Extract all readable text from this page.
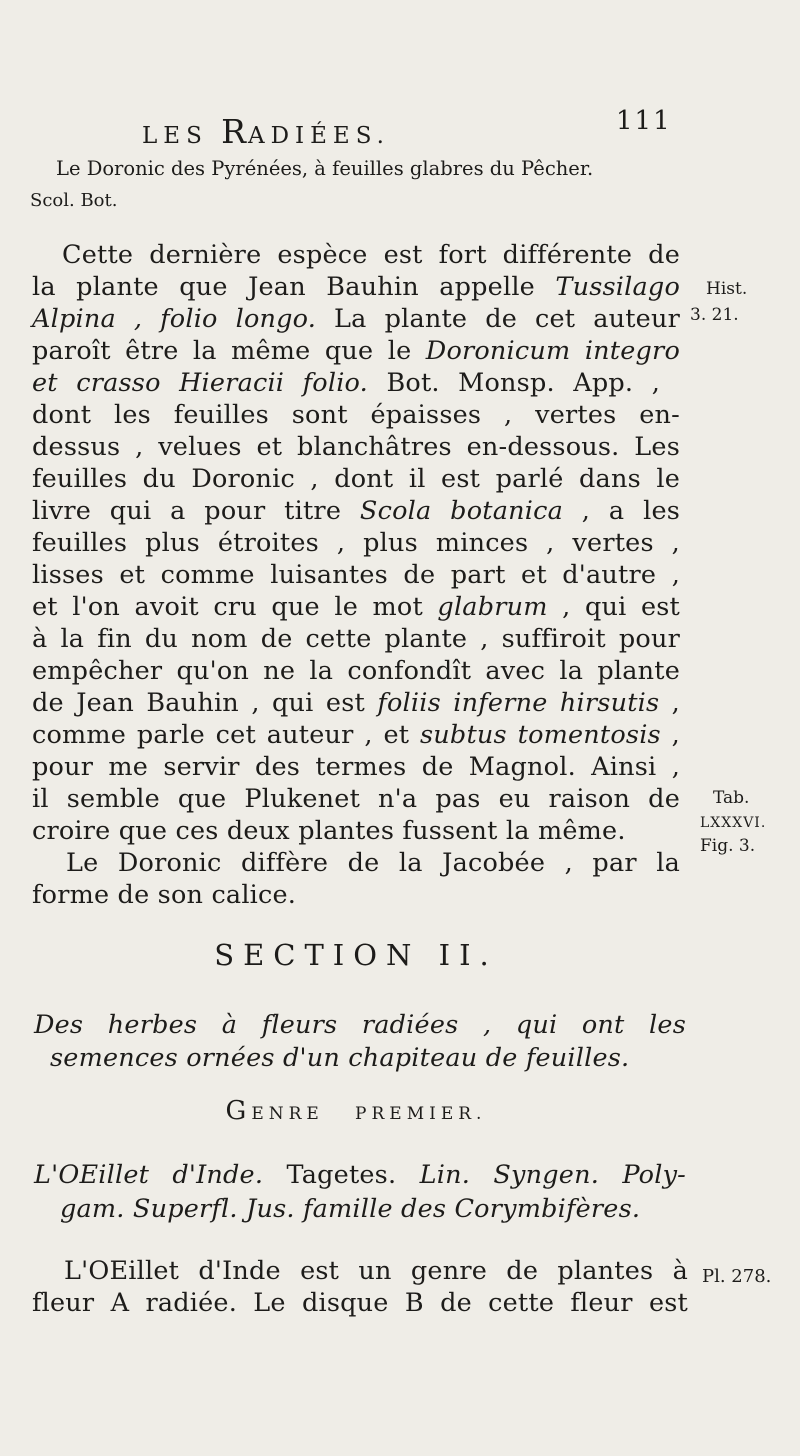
LES RADIÉES.	111
Le Doronic des Pyrénées, à feuilles glabres du Pêcher.
Scol. Bot.
Cette dernière espèce est fort différente de
la plante que Jean Bauhin appelle Tussilago
Alpina , folio longo. La plante de cet auteur
paroît être la même que le Doronicum integro
et crasso Hieracii folio. Bot. Monsp. App. ,
dont les feuilles sont épaisses , vertes en-
dessus , velues et blanchâtres en-dessous. Les
feuilles du Doronic , dont il est parlé dans le
livre qui a pour titre Scola botanica , a les
feuilles plus étroites , plus minces , vertes ,
lisses et comme luisantes de part et d'autre ,
et l'on avoit cru que le mot glabrum , qui est
à la fin du nom de cette plante , suffiroit pour
empêcher qu'on ne la confondît avec la plante
de Jean Bauhin , qui est foliis inferne hirsutis ,
comme parle cet auteur , et subtus tomentosis ,
pour me servir des termes de Magnol. Ainsi ,
il semble que Plukenet n'a pas eu raison de
croire que ces deux plantes fussent la même.
Le Doronic diffère de la Jacobée , par la
forme de son calice.
SECTION II.
Des herbes à fleurs radiées , qui ont les
semences ornées d'un chapiteau de feuilles.
GENRE PREMIER.
L'OEillet d'Inde. Tagetes. Lin. Syngen. Poly-
gam. Superfl. Jus. famille des Corymbifères.
L'OEillet d'Inde est un genre de plantes à
fleur A radiée. Le disque B de cette fleur est
Hist.
3. 21.
Tab.
LXXXVI.
Fig. 3.
Pl. 278.
